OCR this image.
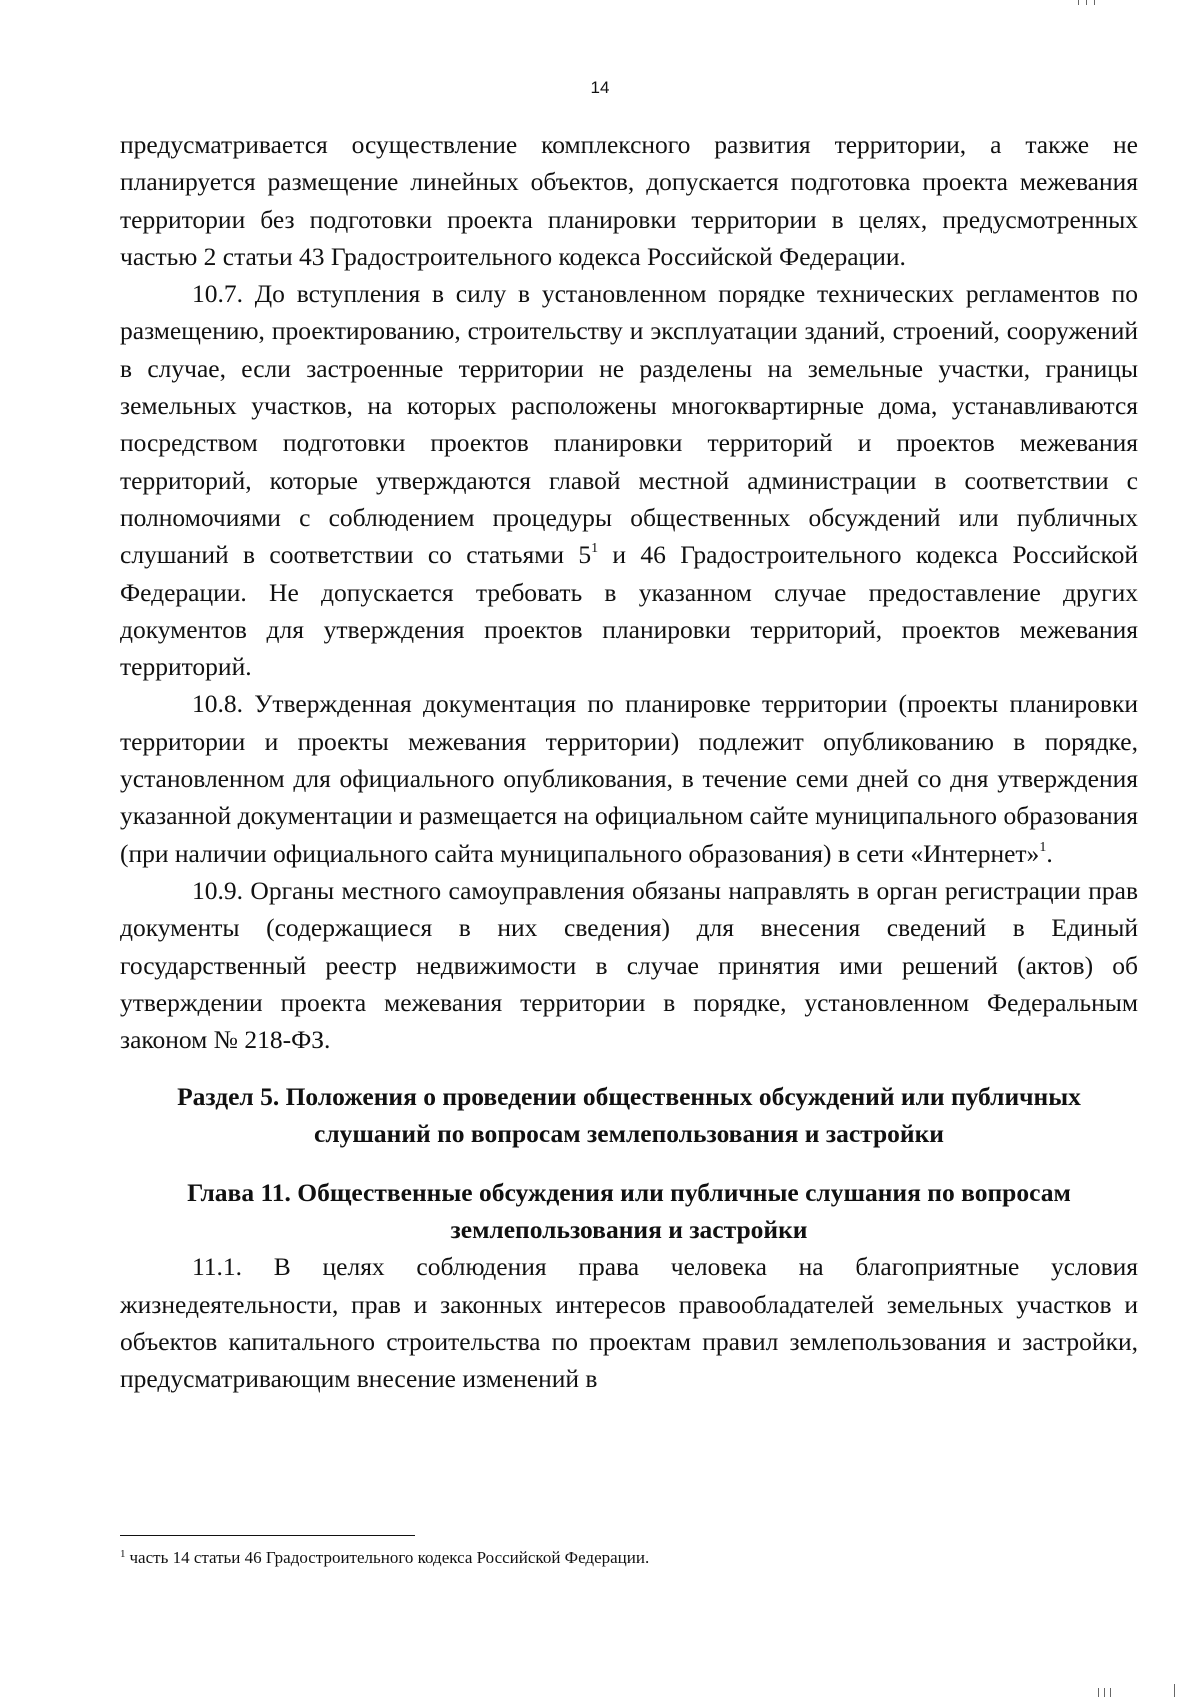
14

предусматривается осуществление комплексного развития территории, а также не планируется размещение линейных объектов, допускается подготовка проекта межевания территории без подготовки проекта планировки территории в целях, предусмотренных частью 2 статьи 43 Градостроительного кодекса Российской Федерации.

10.7. До вступления в силу в установленном порядке технических регламентов по размещению, проектированию, строительству и эксплуатации зданий, строений, сооружений в случае, если застроенные территории не разделены на земельные участки, границы земельных участков, на которых расположены многоквартирные дома, устанавливаются посредством подготовки проектов планировки территорий и проектов межевания территорий, которые утверждаются главой местной администрации в соответствии с полномочиями с соблюдением процедуры общественных обсуждений или публичных слушаний в соответствии со статьями 5$^1$ и 46 Градостроительного кодекса Российской Федерации. Не допускается требовать в указанном случае предоставление других документов для утверждения проектов планировки территорий, проектов межевания территорий.

10.8. Утвержденная документация по планировке территории (проекты планировки территории и проекты межевания территории) подлежит опубликованию в порядке, установленном для официального опубликования, в течение семи дней со дня утверждения указанной документации и размещается на официальном сайте муниципального образования (при наличии официального сайта муниципального образования) в сети «Интернет»$^1$.

10.9. Органы местного самоуправления обязаны направлять в орган регистрации прав документы (содержащиеся в них сведения) для внесения сведений в Единый государственный реестр недвижимости в случае принятия ими решений (актов) об утверждении проекта межевания территории в порядке, установленном Федеральным законом № 218-ФЗ.

Раздел 5. Положения о проведении общественных обсуждений или публичных слушаний по вопросам землепользования и застройки

Глава 11. Общественные обсуждения или публичные слушания по вопросам землепользования и застройки

11.1. В целях соблюдения права человека на благоприятные условия жизнедеятельности, прав и законных интересов правообладателей земельных участков и объектов капитального строительства по проектам правил землепользования и застройки, предусматривающим внесение изменений в

$^1$ часть 14 статьи 46 Градостроительного кодекса Российской Федерации.
